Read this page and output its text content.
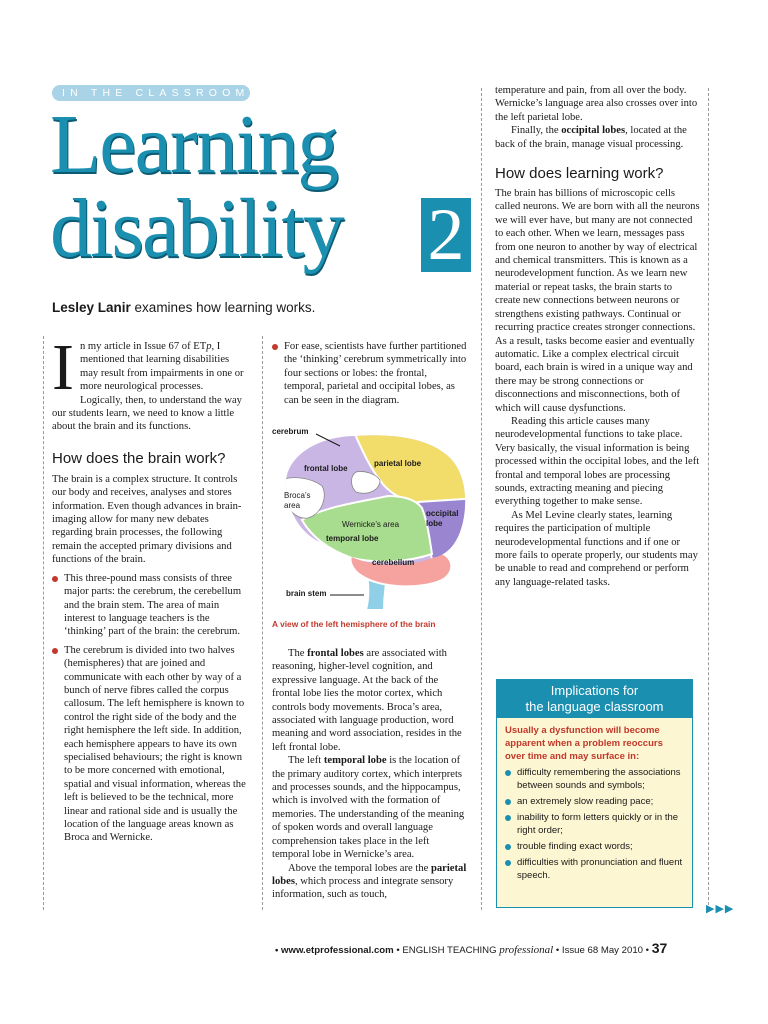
IN THE CLASSROOM
Learning
disability 2
Lesley Lanir examines how learning works.

In my article in Issue 67 of ETp, I mentioned that learning disabilities may result from impairments in one or more neurological processes. Logically, then, to understand the way our students learn, we need to know a little about the brain and its functions.

How does the brain work?

The brain is a complex structure. It controls our body and receives, analyses and stores information. Even though advances in brain-imaging allow for many new debates regarding brain processes, the following remain the accepted primary divisions and functions of the brain.

This three-pound mass consists of three major parts: the cerebrum, the cerebellum and the brain stem. The area of main interest to language teachers is the ‘thinking’ part of the brain: the cerebrum.
The cerebrum is divided into two halves (hemispheres) that are joined and communicate with each other by way of a bunch of nerve fibres called the corpus callosum. The left hemisphere is known to control the right side of the body and the right hemisphere the left side. In addition, each hemisphere appears to have its own specialised behaviours; the right is known to be more concerned with emotional, spatial and visual information, whereas the left is believed to be the technical, more linear and rational side and is usually the location of the language areas known as Broca and Wernicke.
For ease, scientists have further partitioned the ‘thinking’ cerebrum symmetrically into four sections or lobes: the frontal, temporal, parietal and occipital lobes, as can be seen in the diagram.
cerebrum
frontal lobe
parietal lobe
Broca’s
area
Wernicke’s area
occipital
lobe
temporal lobe
cerebellum
brain stem
A view of the left hemisphere of the brain

The frontal lobes are associated with reasoning, higher-level cognition, and expressive language. At the back of the frontal lobe lies the motor cortex, which controls body movements. Broca’s area, associated with language production, word meaning and word association, resides in the left frontal lobe.

The left temporal lobe is the location of the primary auditory cortex, which interprets and processes sounds, and the hippocampus, which is involved with the formation of memories. The understanding of the meaning of spoken words and overall language comprehension takes place in the left temporal lobe in Wernicke’s area.

Above the temporal lobes are the parietal lobes, which process and integrate sensory information, such as touch,

temperature and pain, from all over the body. Wernicke’s language area also crosses over into the left parietal lobe.

Finally, the occipital lobes, located at the back of the brain, manage visual processing.

How does learning work?

The brain has billions of microscopic cells called neurons. We are born with all the neurons we will ever have, but many are not connected to each other. When we learn, messages pass from one neuron to another by way of electrical and chemical transmitters. This is known as a neurodevelopment function. As we learn new material or repeat tasks, the brain starts to create new connections between neurons or strengthens existing pathways. Continual or recurring practice creates stronger connections. As a result, tasks become easier and eventually automatic. Like a complex electrical circuit board, each brain is wired in a unique way and there may be strong connections or disconnections and misconnections, both of which will cause dysfunctions.

Reading this article causes many neurodevelopmental functions to take place. Very basically, the visual information is being processed within the occipital lobes, and the left frontal and temporal lobes are processing sounds, extracting meaning and piecing everything together to make sense.

As Mel Levine clearly states, learning requires the participation of multiple neurodevelopmental functions and if one or more fails to operate properly, our students may be unable to read and comprehend or perform any language-related tasks.

Implications for
the language classroom
Usually a dysfunction will become apparent when a problem reoccurs over time and may surface in:
difficulty remembering the associations between sounds and symbols;
an extremely slow reading pace;
inability to form letters quickly or in the right order;
trouble finding exact words;
difficulties with pronunciation and fluent speech.
▶▶▶
• www.etprofessional.com • ENGLISH TEACHING professional • Issue 68 May 2010 • 37
